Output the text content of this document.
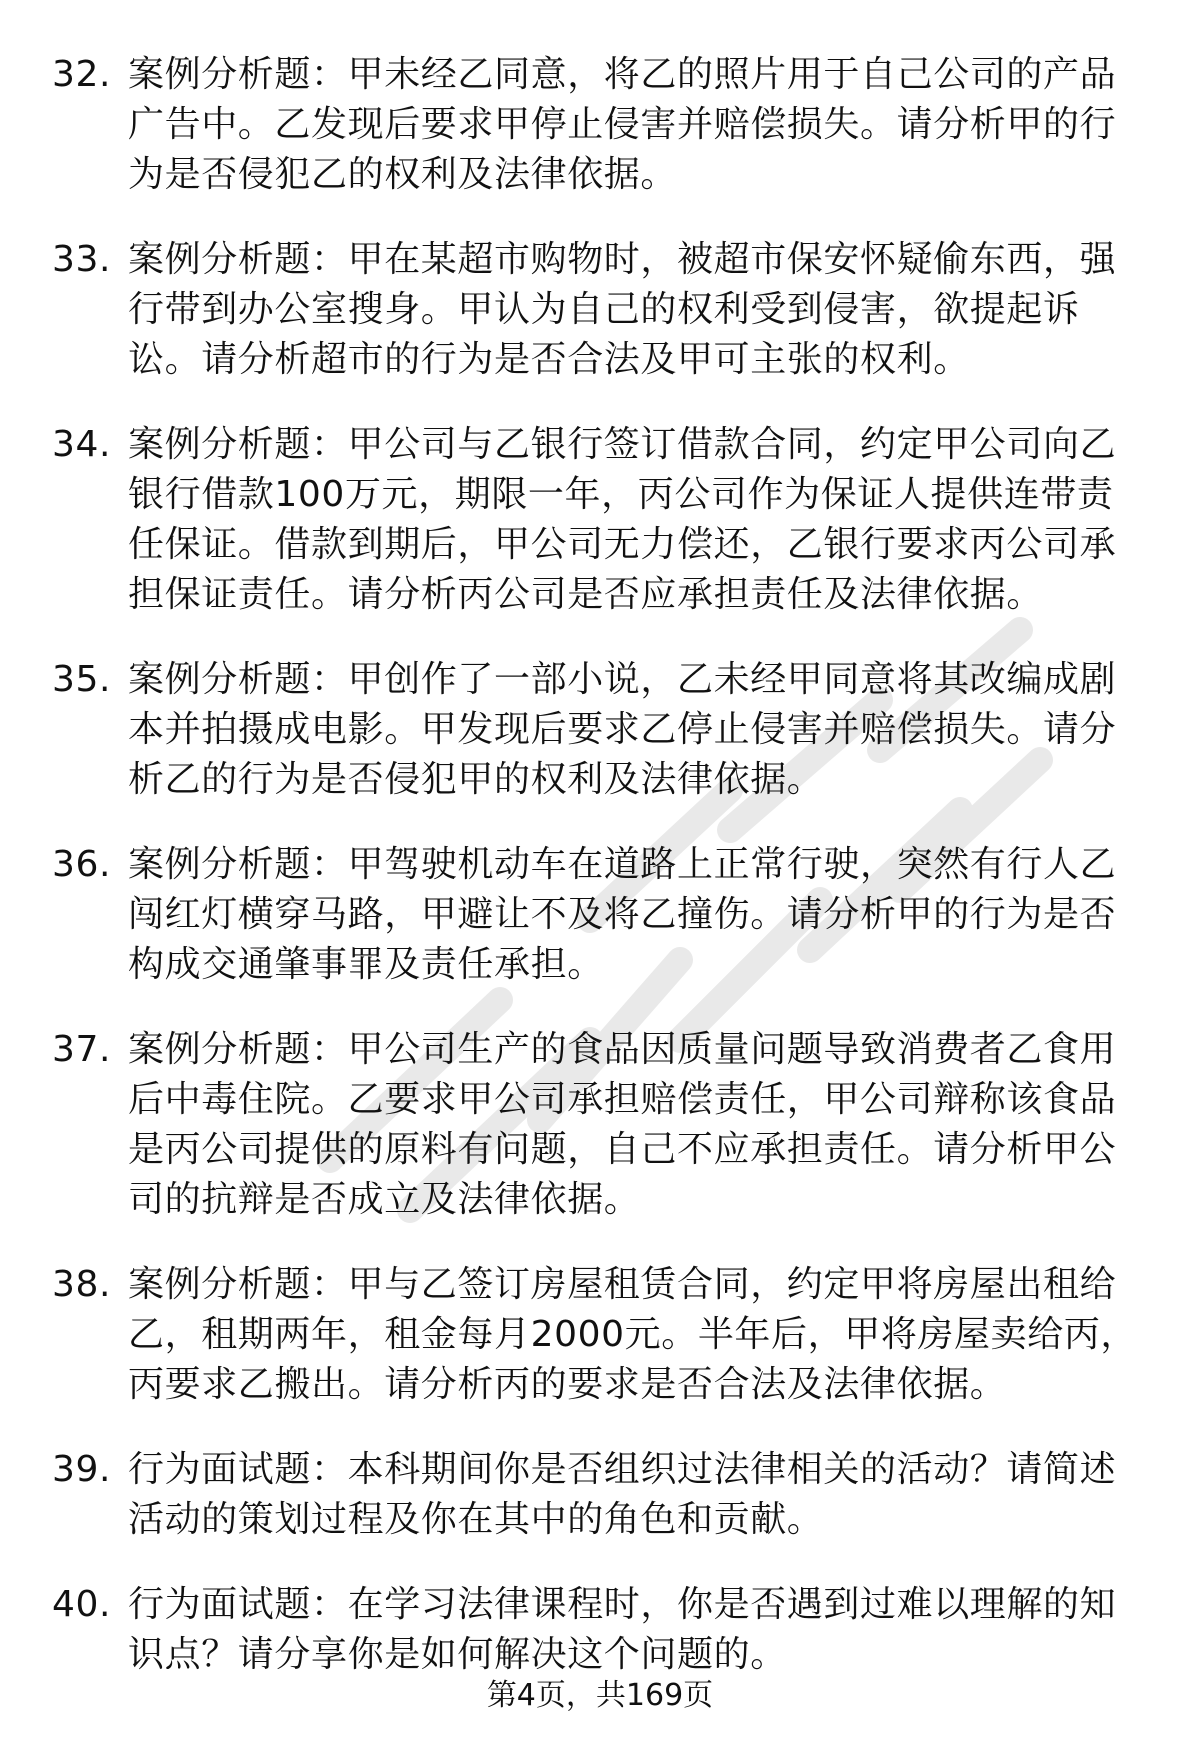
32. 案例分析题：甲未经乙同意，将乙的照片用于自己公司的产品广告中。乙发现后要求甲停止侵害并赔偿损失。请分析甲的行为是否侵犯乙的权利及法律依据。
33. 案例分析题：甲在某超市购物时，被超市保安怀疑偷东西，强行带到办公室搜身。甲认为自己的权利受到侵害，欲提起诉讼。请分析超市的行为是否合法及甲可主张的权利。
34. 案例分析题：甲公司与乙银行签订借款合同，约定甲公司向乙银行借款100万元，期限一年，丙公司作为保证人提供连带责任保证。借款到期后，甲公司无力偿还，乙银行要求丙公司承担保证责任。请分析丙公司是否应承担责任及法律依据。
35. 案例分析题：甲创作了一部小说，乙未经甲同意将其改编成剧本并拍摄成电影。甲发现后要求乙停止侵害并赔偿损失。请分析乙的行为是否侵犯甲的权利及法律依据。
36. 案例分析题：甲驾驶机动车在道路上正常行驶，突然有行人乙闯红灯横穿马路，甲避让不及将乙撞伤。请分析甲的行为是否构成交通肇事罪及责任承担。
37. 案例分析题：甲公司生产的食品因质量问题导致消费者乙食用后中毒住院。乙要求甲公司承担赔偿责任，甲公司辩称该食品是丙公司提供的原料有问题，自己不应承担责任。请分析甲公司的抗辩是否成立及法律依据。
38. 案例分析题：甲与乙签订房屋租赁合同，约定甲将房屋出租给乙，租期两年，租金每月2000元。半年后，甲将房屋卖给丙，丙要求乙搬出。请分析丙的要求是否合法及法律依据。
39. 行为面试题：本科期间你是否组织过法律相关的活动？请简述活动的策划过程及你在其中的角色和贡献。
40. 行为面试题：在学习法律课程时，你是否遇到过难以理解的知识点？请分享你是如何解决这个问题的。
第4页，共169页
